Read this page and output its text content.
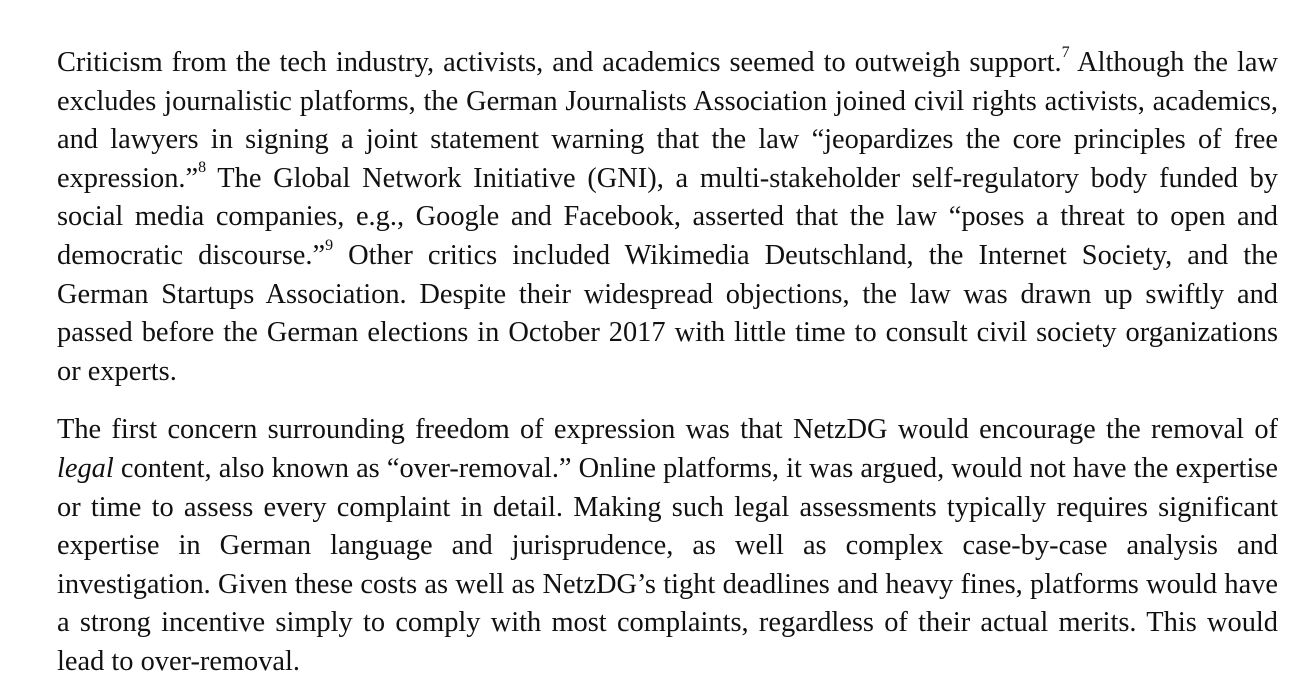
Criticism from the tech industry, activists, and academics seemed to outweigh support.$^7$ Although the law excludes journalistic platforms, the German Journalists Association joined civil rights activists, academics, and lawyers in signing a joint statement warning that the law “jeopardizes the core principles of free expression.”$^8$ The Global Network Initiative (GNI), a multi-stakeholder self-regulatory body funded by social media companies, e.g., Google and Facebook, asserted that the law “poses a threat to open and democratic discourse.”$^9$ Other critics included Wikimedia Deutschland, the Internet Society, and the German Startups Association. Despite their widespread objections, the law was drawn up swiftly and passed before the German elections in October 2017 with little time to consult civil society organizations or experts.

The first concern surrounding freedom of expression was that NetzDG would encourage the removal of legal content, also known as “over-removal.” Online platforms, it was argued, would not have the expertise or time to assess every complaint in detail. Making such legal assessments typically requires significant expertise in German language and jurisprudence, as well as complex case-by-case analysis and investigation. Given these costs as well as NetzDG’s tight deadlines and heavy fines, platforms would have a strong incentive simply to comply with most complaints, regardless of their actual merits. This would lead to over-removal.
